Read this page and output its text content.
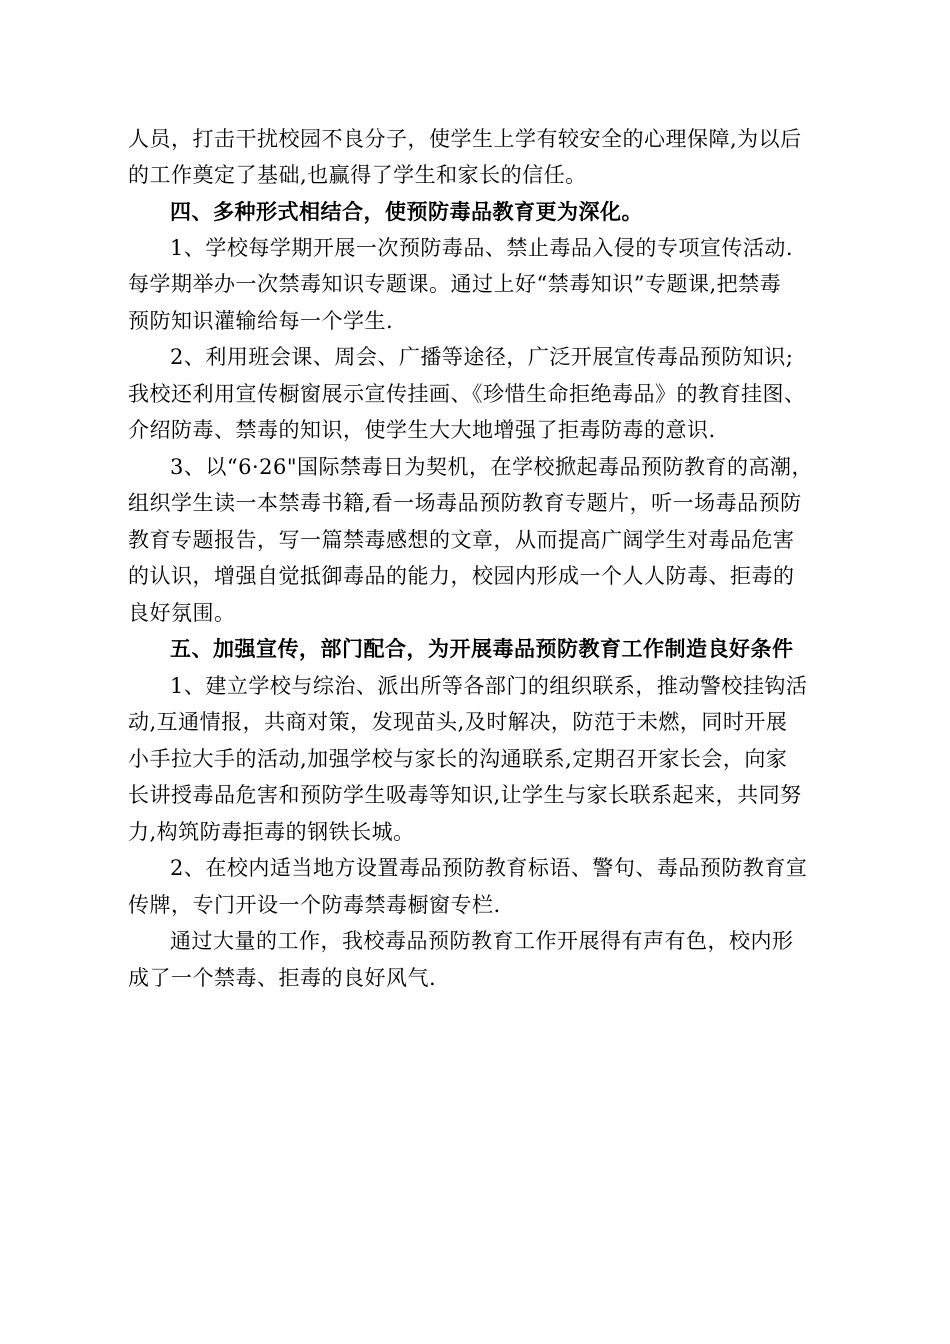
人员，打击干扰校园不良分子，使学生上学有较安全的心理保障,为以后
的工作奠定了基础,也赢得了学生和家长的信任。
四、多种形式相结合，使预防毒品教育更为深化。
1、学校每学期开展一次预防毒品、禁止毒品入侵的专项宣传活动.
每学期举办一次禁毒知识专题课。通过上好“禁毒知识”专题课,把禁毒
预防知识灌输给每一个学生.
2、利用班会课、周会、广播等途径，广泛开展宣传毒品预防知识;
我校还利用宣传橱窗展示宣传挂画、《珍惜生命拒绝毒品》的教育挂图、
介绍防毒、禁毒的知识，使学生大大地增强了拒毒防毒的意识.
3、以“6·26"国际禁毒日为契机，在学校掀起毒品预防教育的高潮，
组织学生读一本禁毒书籍,看一场毒品预防教育专题片，听一场毒品预防
教育专题报告，写一篇禁毒感想的文章，从而提高广阔学生对毒品危害
的认识，增强自觉抵御毒品的能力，校园内形成一个人人防毒、拒毒的
良好氛围。
五、加强宣传，部门配合，为开展毒品预防教育工作制造良好条件
1、建立学校与综治、派出所等各部门的组织联系，推动警校挂钩活
动,互通情报，共商对策，发现苗头,及时解决，防范于未燃，同时开展
小手拉大手的活动,加强学校与家长的沟通联系,定期召开家长会，向家
长讲授毒品危害和预防学生吸毒等知识,让学生与家长联系起来，共同努
力,构筑防毒拒毒的钢铁长城。
2、在校内适当地方设置毒品预防教育标语、警句、毒品预防教育宣
传牌，专门开设一个防毒禁毒橱窗专栏.
通过大量的工作，我校毒品预防教育工作开展得有声有色，校内形
成了一个禁毒、拒毒的良好风气.
